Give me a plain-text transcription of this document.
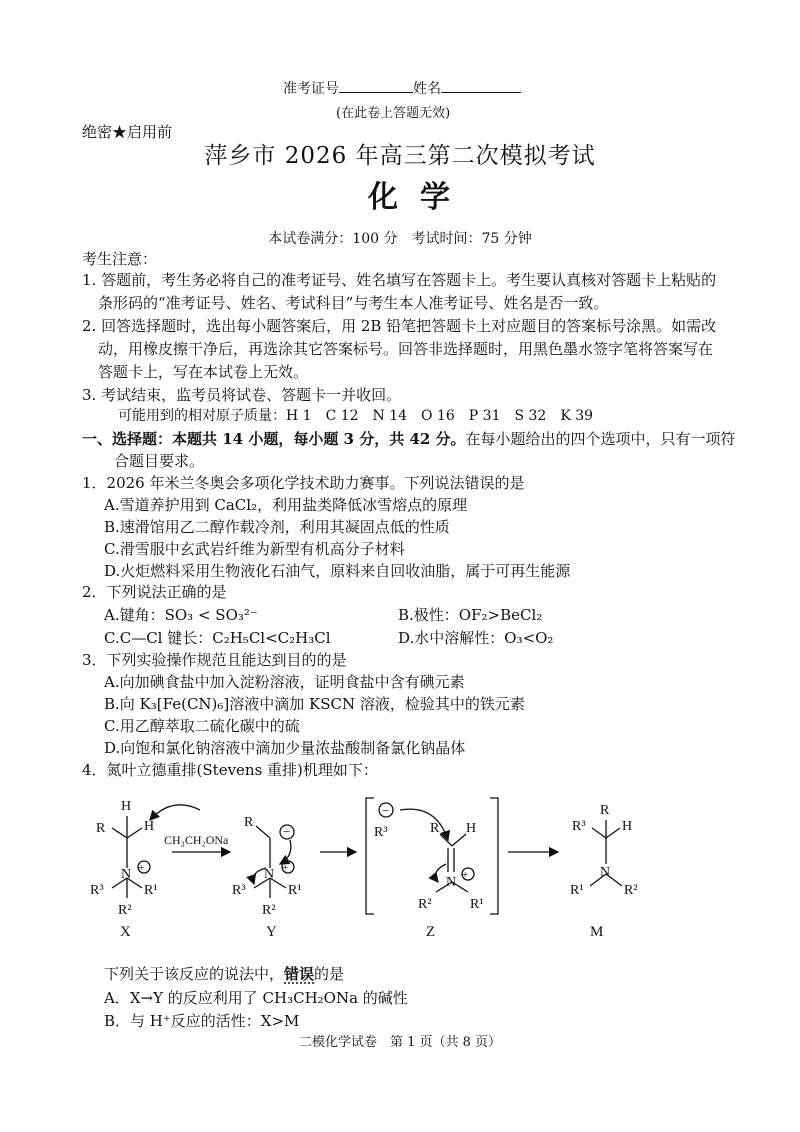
准考证号	姓名
(在此卷上答题无效)
绝密★启用前
萍乡市 2026 年高三第二次模拟考试
化学
本试卷满分：100 分　考试时间：75 分钟
考生注意：
1. 答题前，考生务必将自己的准考证号、姓名填写在答题卡上。考生要认真核对答题卡上粘贴的
条形码的“准考证号、姓名、考试科目”与考生本人准考证号、姓名是否一致。
2. 回答选择题时，选出每小题答案后，用 2B 铅笔把答题卡上对应题目的答案标号涂黑。如需改
动，用橡皮擦干净后，再选涂其它答案标号。回答非选择题时，用黑色墨水签字笔将答案写在
答题卡上，写在本试卷上无效。
3. 考试结束，监考员将试卷、答题卡一并收回。
可能用到的相对原子质量：H 1　C 12　N 14　O 16　P 31　S 32　K 39
一、选择题：本题共 14 小题，每小题 3 分，共 42 分。在每小题给出的四个选项中，只有一项符
合题目要求。
1．2026 年米兰冬奥会多项化学技术助力赛事。下列说法错误的是
A.雪道养护用到 CaCl₂，利用盐类降低冰雪熔点的原理
B.速滑馆用乙二醇作载冷剂，利用其凝固点低的性质
C.滑雪服中玄武岩纤维为新型有机高分子材料
D.火炬燃料采用生物液化石油气，原料来自回收油脂，属于可再生能源
2．下列说法正确的是
A.键角：SO₃ < SO₃²⁻	B.极性：OF₂>BeCl₂
C.C—Cl 键长：C₂H₅Cl<C₂H₃Cl	D.水中溶解性：O₃<O₂
3．下列实验操作规范且能达到目的的是
A.向加碘食盐中加入淀粉溶液，证明食盐中含有碘元素
B.向 K₃[Fe(CN)₆]溶液中滴加 KSCN 溶液，检验其中的铁元素
C.用乙醇萃取二硫化碳中的硫
D.向饱和氯化钠溶液中滴加少量浓盐酸制备氯化钠晶体
4．氮叶立德重排(Stevens 重排)机理如下：
H
R	H
N +
R³	R¹
R²
CH₃CH₂ONa
R
−
N +
R³	R¹
R²
−
R³	R H
N +
R²	R¹
R
R³	H
N
R¹	R²
X	Y	Z	M
下列关于该反应的说法中，错误的是
A．X→Y 的反应利用了 CH₃CH₂ONa 的碱性
B．与 H⁺反应的活性：X>M
二模化学试卷　第 1 页（共 8 页）
